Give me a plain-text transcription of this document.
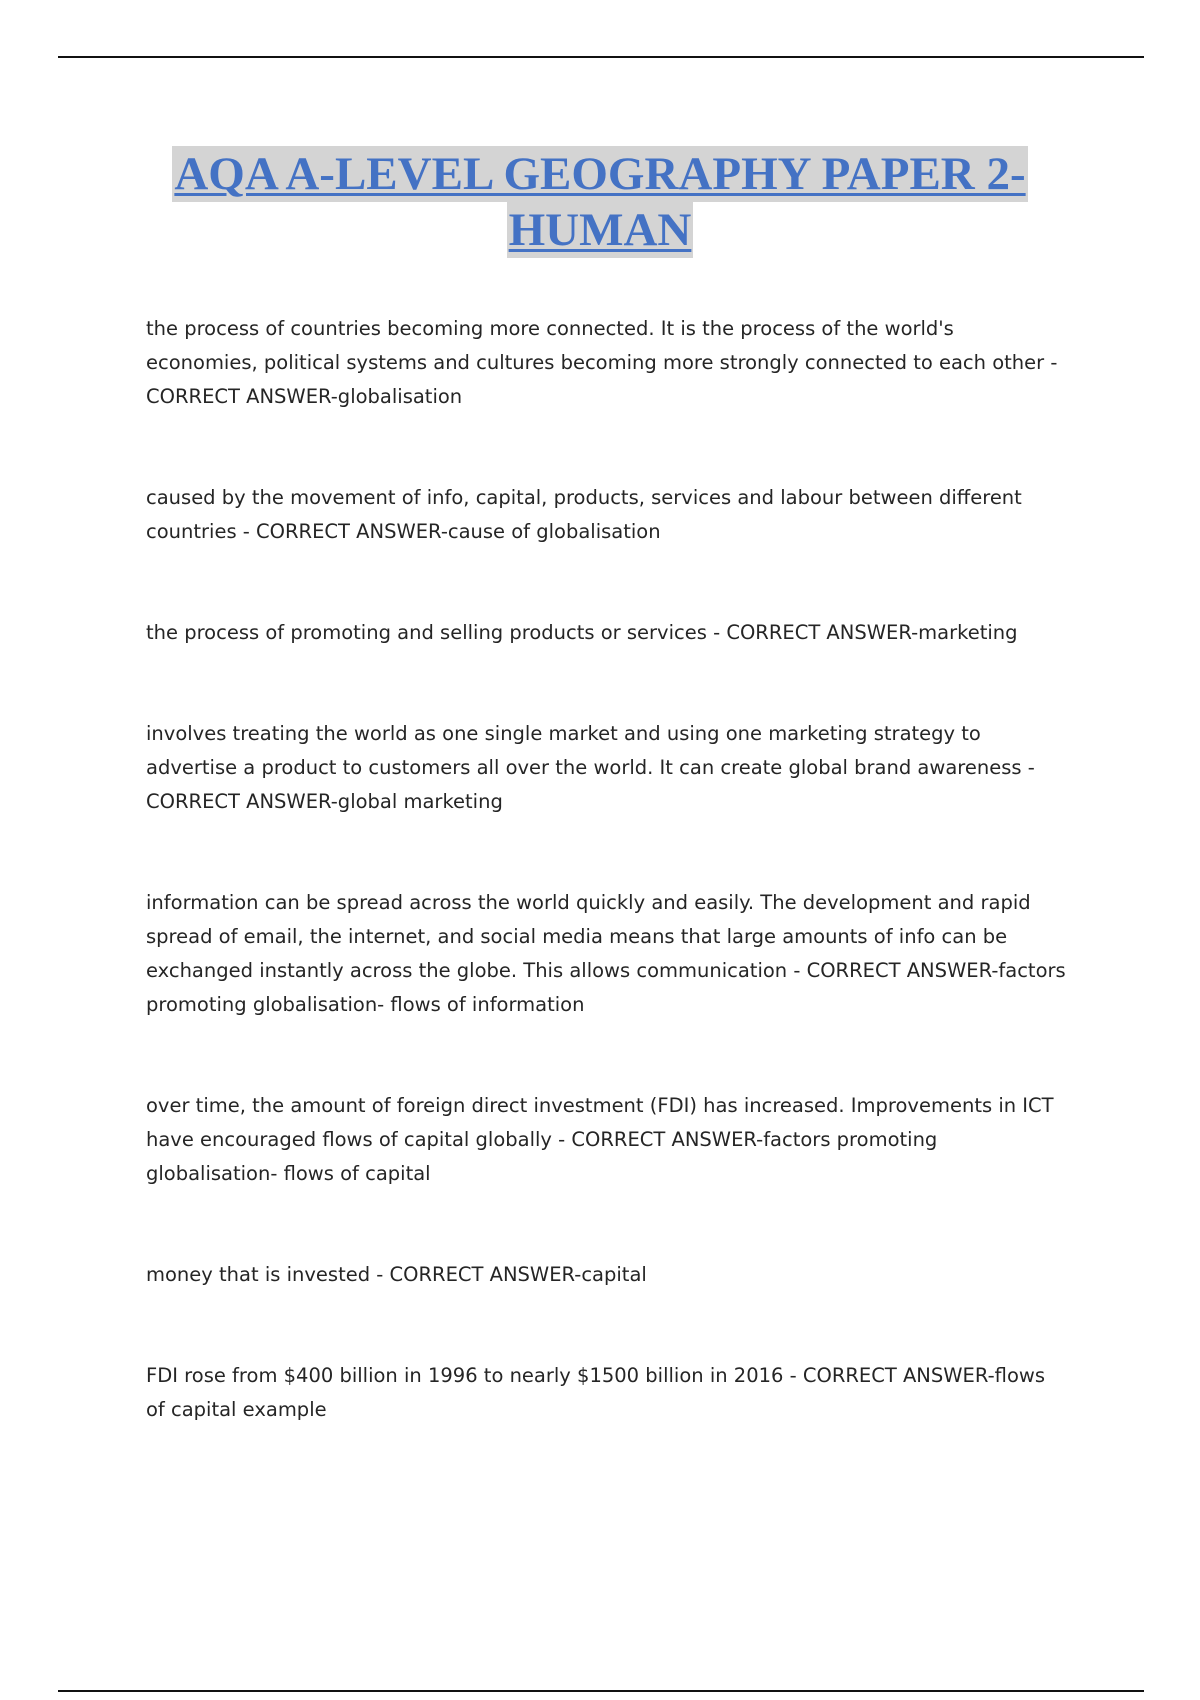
AQA A-LEVEL GEOGRAPHY PAPER 2-
HUMAN

the process of countries becoming more connected. It is the process of the world's economies, political systems and cultures becoming more strongly connected to each other - CORRECT ANSWER-globalisation

caused by the movement of info, capital, products, services and labour between different countries - CORRECT ANSWER-cause of globalisation

the process of promoting and selling products or services - CORRECT ANSWER-marketing

involves treating the world as one single market and using one marketing strategy to advertise a product to customers all over the world. It can create global brand awareness - CORRECT ANSWER-global marketing

information can be spread across the world quickly and easily. The development and rapid spread of email, the internet, and social media means that large amounts of info can be exchanged instantly across the globe. This allows communication - CORRECT ANSWER-factors promoting globalisation- flows of information

over time, the amount of foreign direct investment (FDI) has increased. Improvements in ICT have encouraged flows of capital globally - CORRECT ANSWER-factors promoting globalisation- flows of capital

money that is invested - CORRECT ANSWER-capital

FDI rose from $400 billion in 1996 to nearly $1500 billion in 2016 - CORRECT ANSWER-flows of capital example
